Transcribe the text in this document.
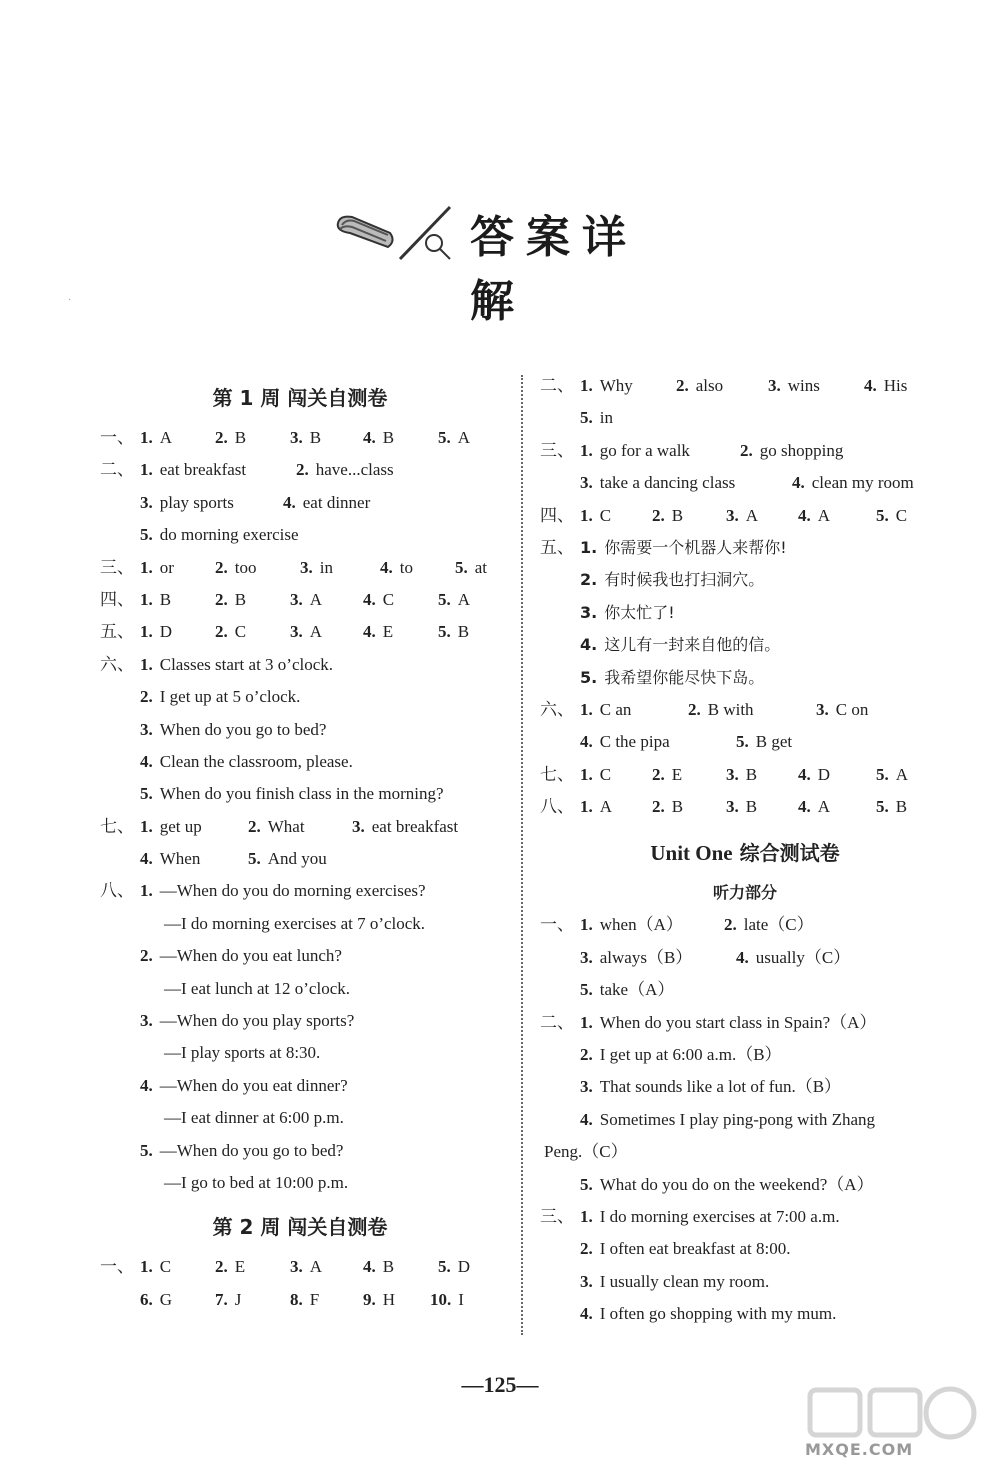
答案详解
·
第 1 周 闯关自测卷
一、 1. A	2. B	3. B 4. B	5. A
二、 1. eat breakfast	2. have...class
3. play sports	4. eat dinner
5. do morning exercise
三、 1. or 2. too	3. in	4. to 5. at
四、 1. B	2. B	3. A 4. C	5. A
五、 1. D	2. C	3. A 4. E	5. B
六、 1. Classes start at 3 o’clock.
2. I get up at 5 o’clock.
3. When do you go to bed?
4. Clean the classroom, please.
5. When do you finish class in the morning?
七、 1. get up	2. What	3. eat breakfast
4. When	5. And you
八、 1. —When do you do morning exercises?
—I do morning exercises at 7 o’clock.
2. —When do you eat lunch?
—I eat lunch at 12 o’clock.
3. —When do you play sports?
—I play sports at 8:30.
4. —When do you eat dinner?
—I eat dinner at 6:00 p.m.
5. —When do you go to bed?
—I go to bed at 10:00 p.m.
第 2 周 闯关自测卷
一、 1. C	2. E	3. A 4. B	5. D
6. G	7. J	8. F	9. H 10. I
二、 1. Why	2. also	3. wins	4. His
5. in
三、 1. go for a walk	2. go shopping
3. take a dancing class	4. clean my room
四、 1. C 2. B	3. A 4. A	5. C
五、 1. 你需要一个机器人来帮你!
2. 有时候我也打扫洞穴。
3. 你太忙了!
4. 这儿有一封来自他的信。
5. 我希望你能尽快下岛。
六、 1. C an	2. B with	3. C on
4. C the pipa	5. B get
七、 1. C 2. E	3. B 4. D	5. A
八、 1. A 2. B	3. B 4. A	5. B
Unit One 综合测试卷
听力部分
一、 1. when（A） 2. late（C）
3. always（B）	4. usually（C）
5. take（A）
二、 1. When do you start class in Spain?（A）
2. I get up at 6:00 a.m.（B）
3. That sounds like a lot of fun.（B）
4. Sometimes I play ping-pong with Zhang
Peng.（C）
5. What do you do on the weekend?（A）
三、 1. I do morning exercises at 7:00 a.m.
2. I often eat breakfast at 8:00.
3. I usually clean my room.
4. I often go shopping with my mum.
—125—
MXQE.COM
